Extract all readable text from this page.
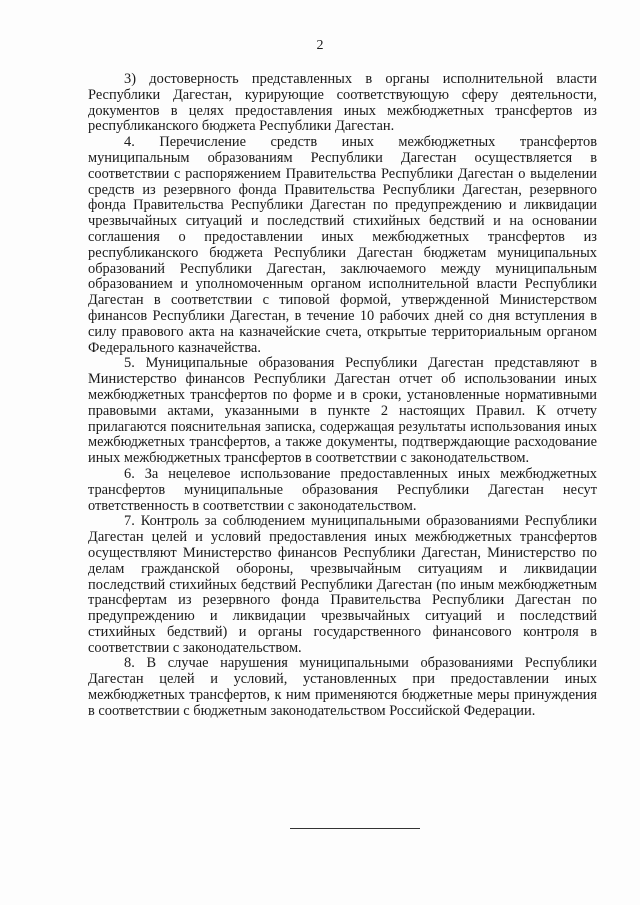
2

3) достоверность представленных в органы исполнительной власти Республики Дагестан, курирующие соответствующую сферу деятельности, документов в целях предоставления иных межбюджетных трансфертов из республиканского бюджета Республики Дагестан.

4. Перечисление средств иных межбюджетных трансфертов муниципальным образованиям Республики Дагестан осуществляется в соответствии с распоряжением Правительства Республики Дагестан о выделении средств из резервного фонда Правительства Республики Дагестан, резервного фонда Правительства Республики Дагестан по предупреждению и ликвидации чрезвычайных ситуаций и последствий стихийных бедствий и на основании соглашения о предоставлении иных межбюджетных трансфертов из республиканского бюджета Республики Дагестан бюджетам муниципальных образований Республики Дагестан, заключаемого между муниципальным образованием и уполномоченным органом исполнительной власти Республики Дагестан в соответствии с типовой формой, утвержденной Министерством финансов Республики Дагестан, в течение 10 рабочих дней со дня вступления в силу правового акта на казначейские счета, открытые территориальным органом Федерального казначейства.

5. Муниципальные образования Республики Дагестан представляют в Министерство финансов Республики Дагестан отчет об использовании иных межбюджетных трансфертов по форме и в сроки, установленные нормативными правовыми актами, указанными в пункте 2 настоящих Правил. К отчету прилагаются пояснительная записка, содержащая результаты использования иных межбюджетных трансфертов, а также документы, подтверждающие расходование иных межбюджетных трансфертов в соответствии с законодательством.

6. За нецелевое использование предоставленных иных межбюджетных трансфертов муниципальные образования Республики Дагестан несут ответственность в соответствии с законодательством.

7. Контроль за соблюдением муниципальными образованиями Республики Дагестан целей и условий предоставления иных межбюджетных трансфертов осуществляют Министерство финансов Республики Дагестан, Министерство по делам гражданской обороны, чрезвычайным ситуациям и ликвидации последствий стихийных бедствий Республики Дагестан (по иным межбюджетным трансфертам из резервного фонда Правительства Республики Дагестан по предупреждению и ликвидации чрезвычайных ситуаций и последствий стихийных бедствий) и органы государственного финансового контроля в соответствии с законодательством.

8. В случае нарушения муниципальными образованиями Республики Дагестан целей и условий, установленных при предоставлении иных межбюджетных трансфертов, к ним применяются бюджетные меры принуждения в соответствии с бюджетным законодательством Российской Федерации.
